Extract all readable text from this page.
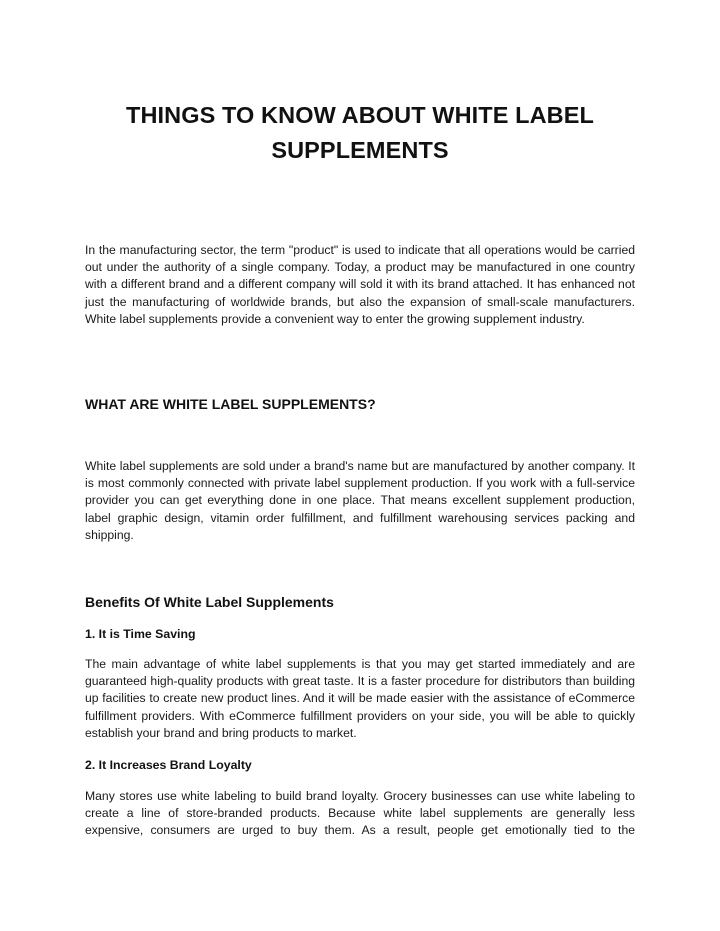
THINGS TO KNOW ABOUT WHITE LABEL SUPPLEMENTS

In the manufacturing sector, the term "product" is used to indicate that all operations would be carried out under the authority of a single company. Today, a product may be manufactured in one country with a different brand and a different company will sold it with its brand attached. It has enhanced not just the manufacturing of worldwide brands, but also the expansion of small-scale manufacturers. White label supplements provide a convenient way to enter the growing supplement industry.

WHAT ARE WHITE LABEL SUPPLEMENTS?

White label supplements are sold under a brand's name but are manufactured by another company. It is most commonly connected with private label supplement production. If you work with a full-service provider you can get everything done in one place. That means excellent supplement production, label graphic design, vitamin order fulfillment, and fulfillment warehousing services packing and shipping.

Benefits Of White Label Supplements
1. It is Time Saving

The main advantage of white label supplements is that you may get started immediately and are guaranteed high-quality products with great taste. It is a faster procedure for distributors than building up facilities to create new product lines. And it will be made easier with the assistance of eCommerce fulfillment providers. With eCommerce fulfillment providers on your side, you will be able to quickly establish your brand and bring products to market.

2. It Increases Brand Loyalty

Many stores use white labeling to build brand loyalty. Grocery businesses can use white labeling to create a line of store-branded products. Because white label supplements are generally less expensive, consumers are urged to buy them. As a result, people get emotionally tied to the
